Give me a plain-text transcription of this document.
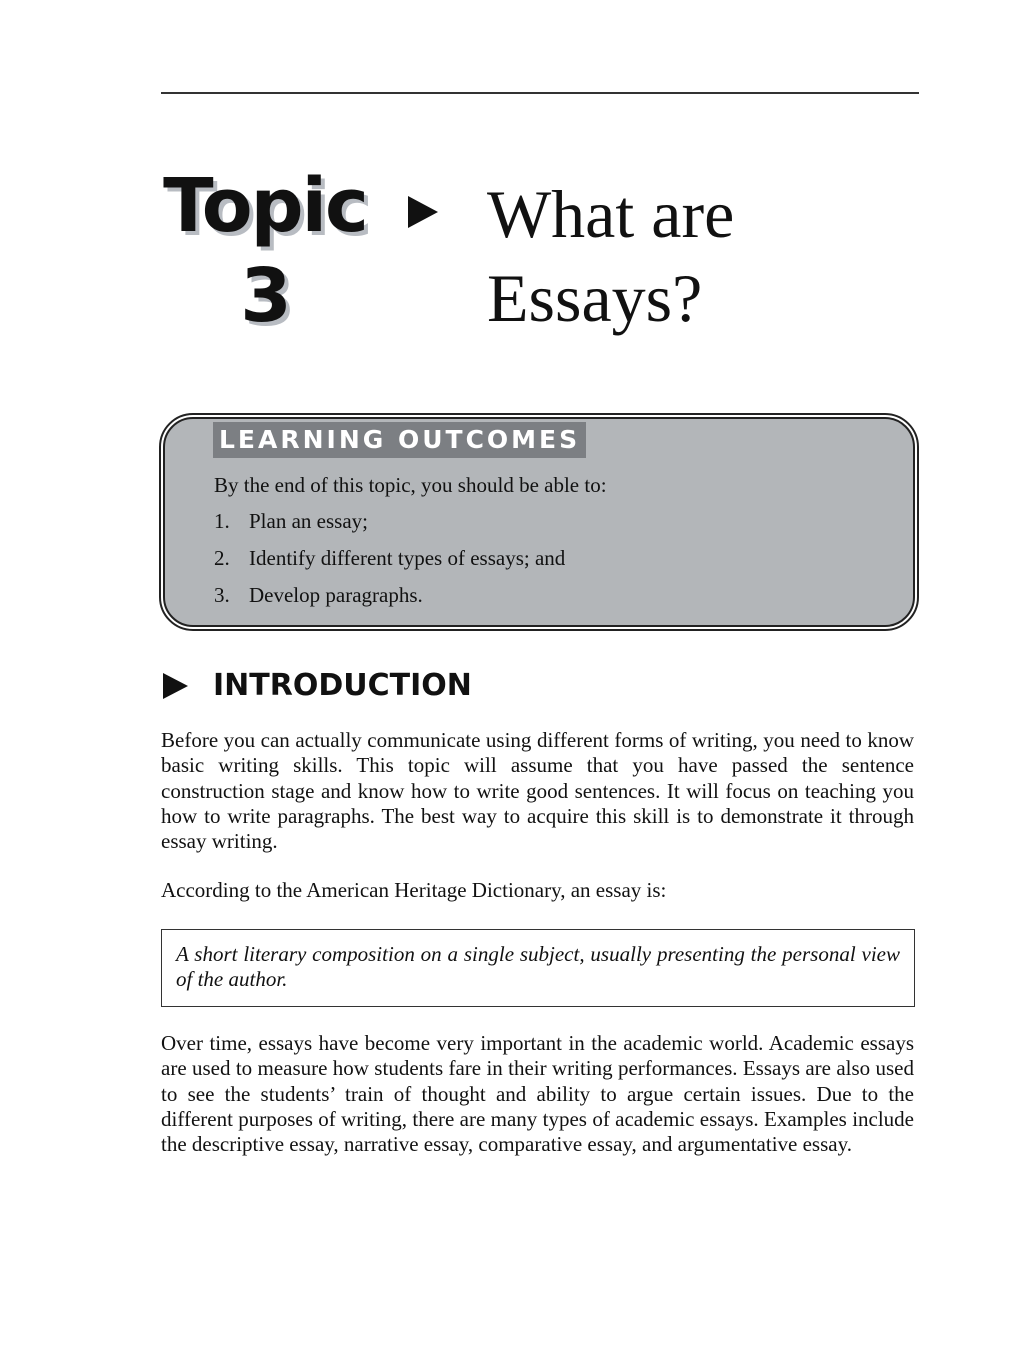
Topic
3
What are
Essays?
LEARNING OUTCOMES
By the end of this topic, you should be able to:
1. Plan an essay;
2. Identify different types of essays; and
3. Develop paragraphs.
INTRODUCTION

Before you can actually communicate using different forms of writing, you need to know basic writing skills. This topic will assume that you have passed the sentence construction stage and know how to write good sentences. It will focus on teaching you how to write paragraphs. The best way to acquire this skill is to demonstrate it through essay writing.

According to the American Heritage Dictionary, an essay is:

A short literary composition on a single subject, usually presenting the personal view of the author.

Over time, essays have become very important in the academic world. Academic essays are used to measure how students fare in their writing performances. Essays are also used to see the students’ train of thought and ability to argue certain issues. Due to the different purposes of writing, there are many types of academic essays. Examples include the descriptive essay, narrative essay, comparative essay, and argumentative essay.
